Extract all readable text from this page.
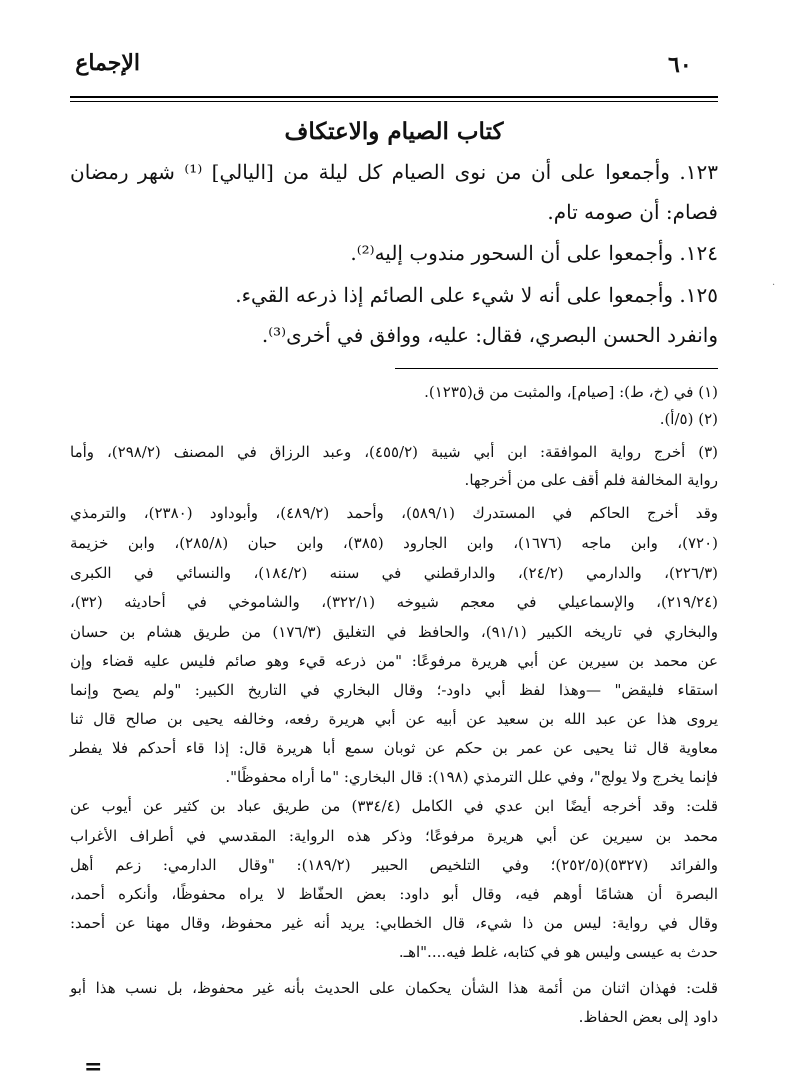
الإجماع	٦٠
كتاب الصيام والاعتكاف
١٢٣. وأجمعوا على أن من نوى الصيام كل ليلة من [اليالي] ⁽¹⁾ شهر رمضان
فصام: أن صومه تام.
١٢٤. وأجمعوا على أن السحور مندوب إليه⁽²⁾.
١٢٥. وأجمعوا على أنه لا شيء على الصائم إذا ذرعه القيء.
وانفرد الحسن البصري، فقال: عليه، ووافق في أخرى⁽³⁾.
(١) في (خ، ط): [صيام]، والمثبت من ق(١٢٣٥).
(٢) (٥/أ).
(٣) أخرج رواية الموافقة: ابن أبي شيبة (٤٥٥/٢)، وعبد الرزاق في المصنف (٢٩٨/٢)، وأما
رواية المخالفة فلم أقف على من أخرجها.
وقد أخرج الحاكم في المستدرك (٥٨٩/١)، وأحمد (٤٨٩/٢)، وأبوداود (٢٣٨٠)، والترمذي
(٧٢٠)، وابن ماجه (١٦٧٦)، وابن الجارود (٣٨٥)، وابن حبان (٢٨٥/٨)، وابن خزيمة
(٢٢٦/٣)، والدارمي (٢٤/٢)، والدارقطني في سننه (١٨٤/٢)، والنسائي في الكبرى
(٢١٩/٢٤)، والإسماعيلي في معجم شيوخه (٣٢٢/١)، والشاموخي في أحاديثه (٣٢)،
والبخاري في تاريخه الكبير (٩١/١)، والحافظ في التغليق (١٧٦/٣) من طريق هشام بن حسان
عن محمد بن سيرين عن أبي هريرة مرفوعًا: "من ذرعه قيء وهو صائم فليس عليه قضاء وإن
استقاء فليقض" —وهذا لفظ أبي داود-؛ وقال البخاري في التاريخ الكبير: "ولم يصح وإنما
يروى هذا عن عبد الله بن سعيد عن أبيه عن أبي هريرة رفعه، وخالفه يحيى بن صالح قال ثنا
معاوية قال ثنا يحيى عن عمر بن حكم عن ثوبان سمع أبا هريرة قال: إذا قاء أحدكم فلا يفطر
فإنما يخرج ولا يولج"، وفي علل الترمذي (١٩٨): قال البخاري: "ما أراه محفوظًا".
قلت: وقد أخرجه أيضًا ابن عدي في الكامل (٣٣٤/٤) من طريق عباد بن كثير عن أيوب عن
محمد بن سيرين عن أبي هريرة مرفوعًا؛ وذكر هذه الرواية: المقدسي في أطراف الأغراب
والفرائد (٥٣٢٧)(٢٥٢/٥)؛ وفي التلخيص الحبير (١٨٩/٢): "وقال الدارمي: زعم أهل
البصرة أن هشامًا أوهم فيه، وقال أبو داود: بعض الحفّاظ لا يراه محفوظًا، وأنكره أحمد،
وقال في رواية: ليس من ذا شيء، قال الخطابي: يريد أنه غير محفوظ، وقال مهنا عن أحمد:
حدث به عيسى وليس هو في كتابه، غلط فيه...."اهـ.
قلت: فهذان اثنان من أئمة هذا الشأن يحكمان على الحديث بأنه غير محفوظ، بل نسب هذا أبو
داود إلى بعض الحفاظ.
=
·
